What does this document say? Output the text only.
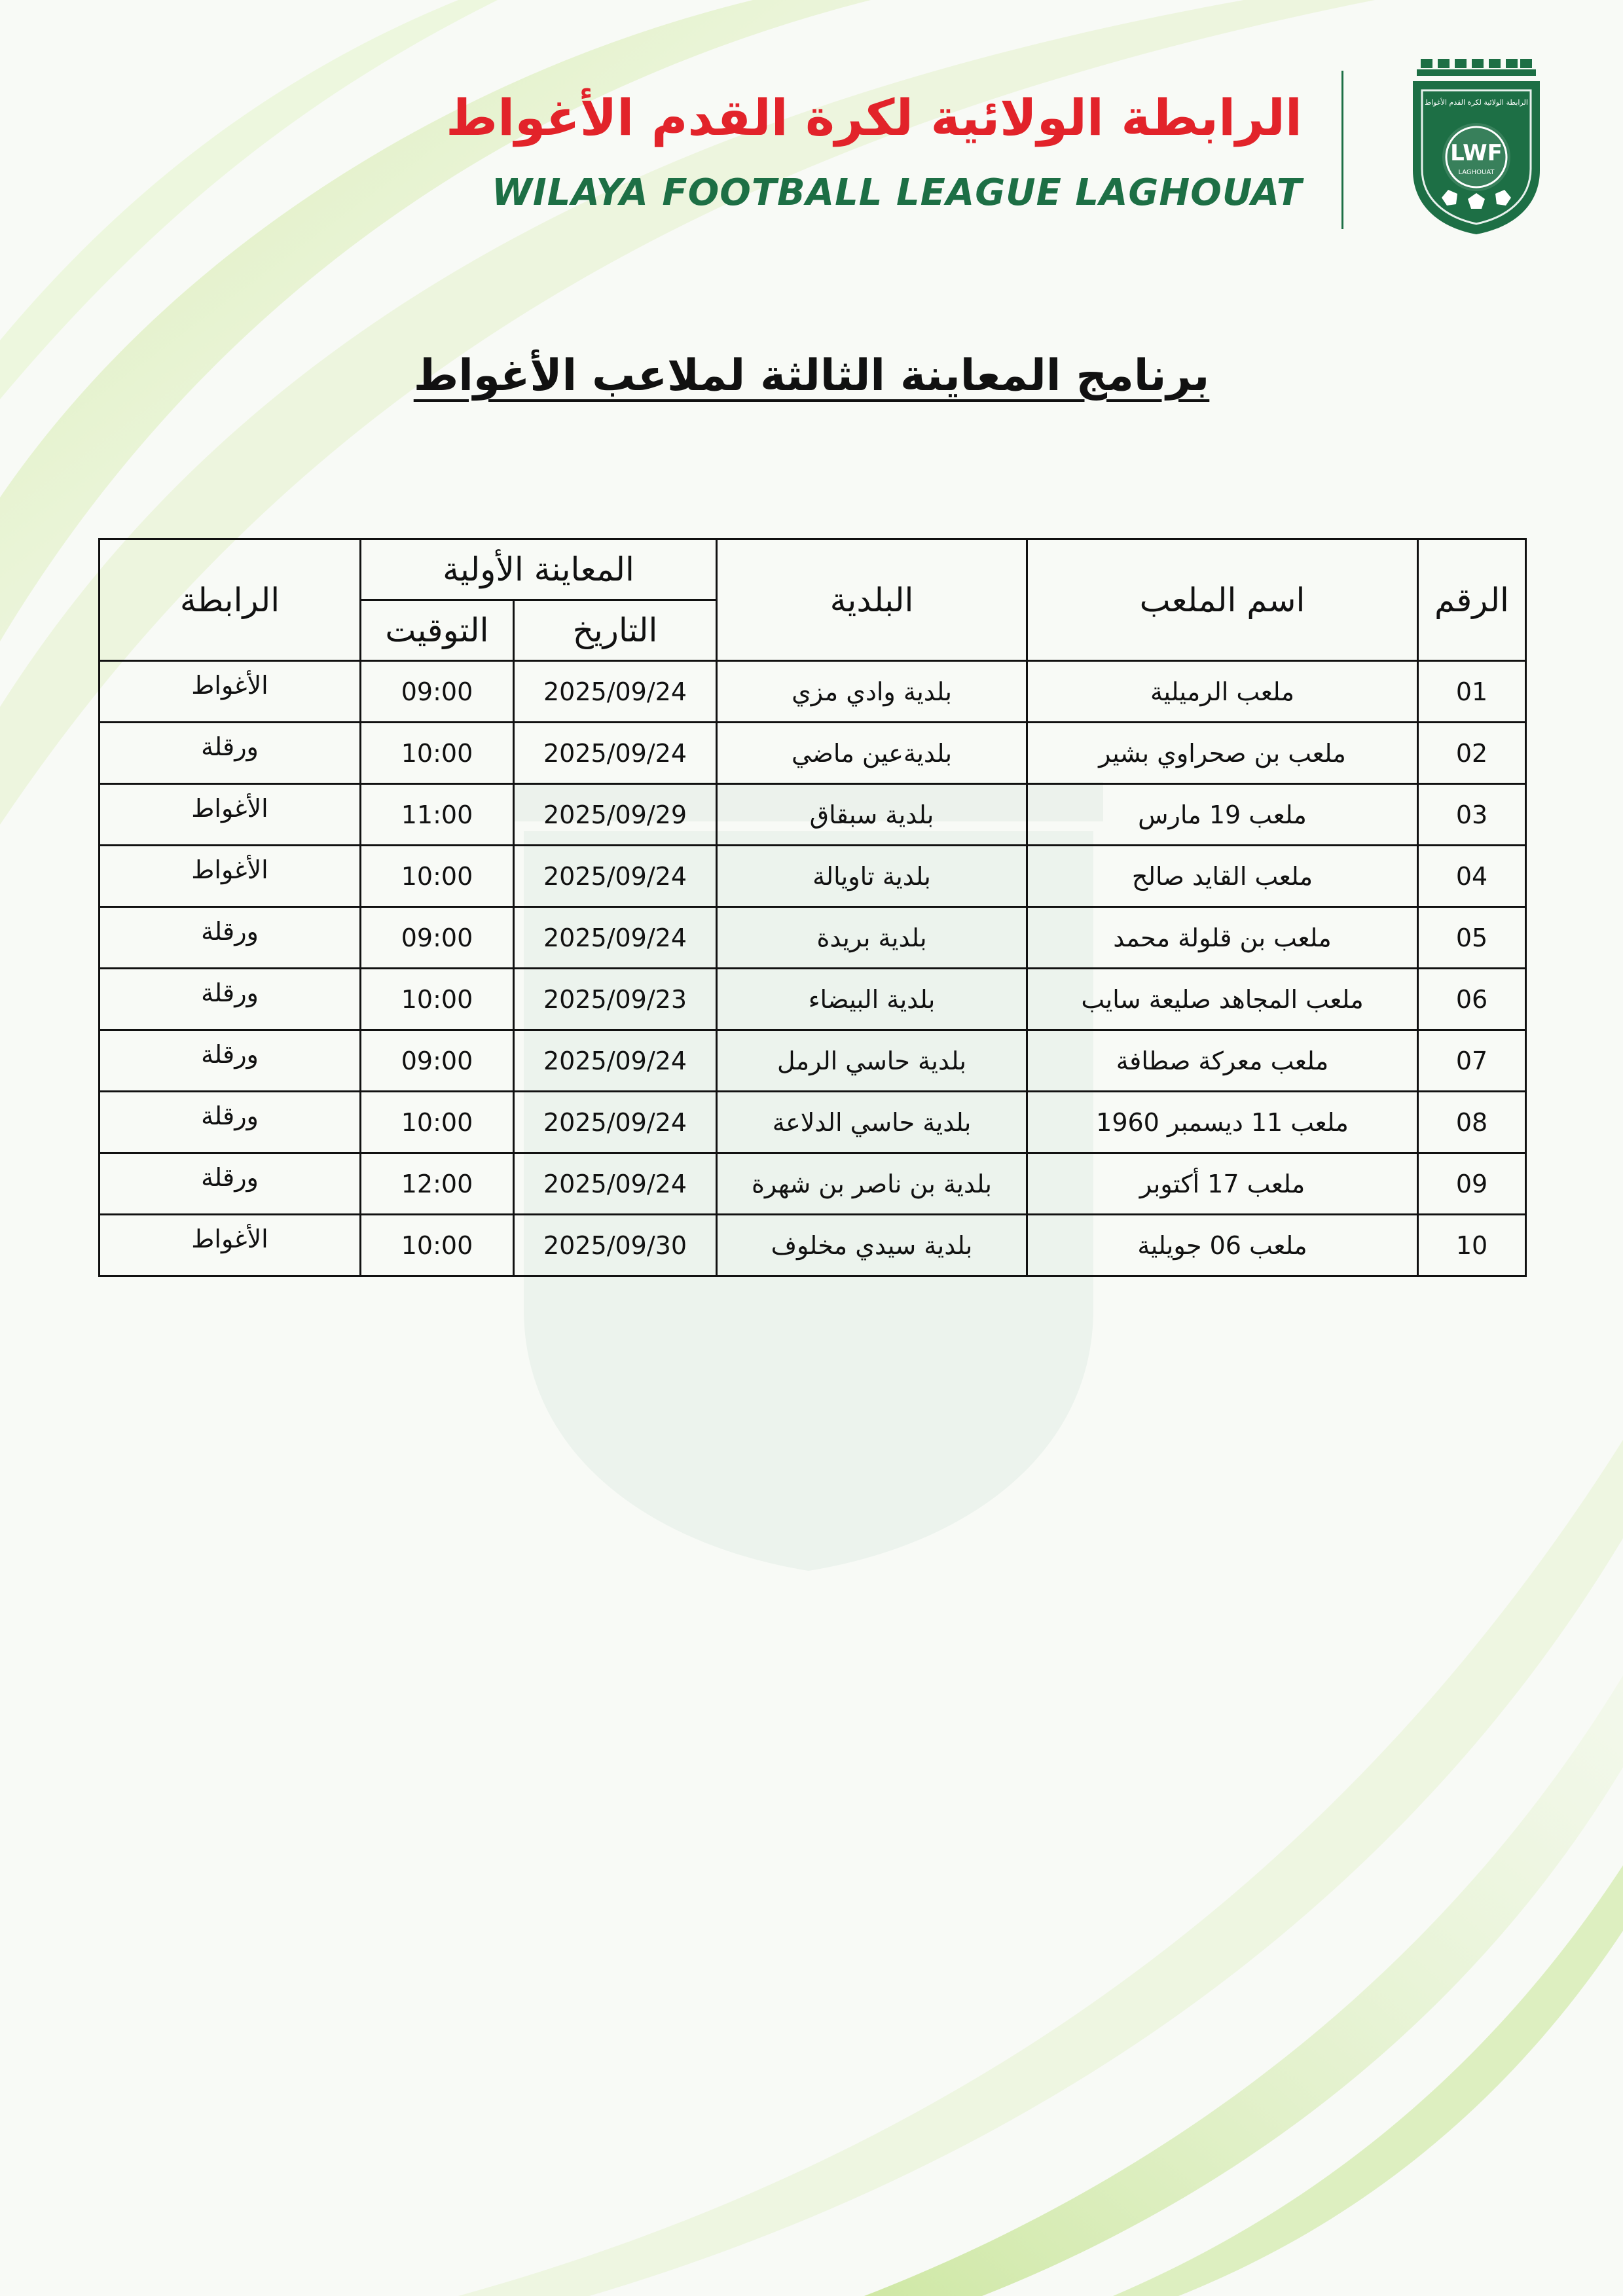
الرابطة الولائية لكرة القدم الأغواط
WILAYA FOOTBALL LEAGUE LAGHOUAT
الرابطة الولائية لكرة القدم الأغواط
LWF
LAGHOUAT
برنامج المعاينة الثالثة لملاعب الأغواط
الرقم	اسم الملعب	البلدية	المعاينة الأولية		الرابطة
			التاريخ	التوقيت	
01	ملعب الرميلية	بلدية وادي مزي	2025/09/24	09:00	الأغواط
02	ملعب بن صحراوي بشير	بلديةعين ماضي	2025/09/24	10:00	ورقلة
03	ملعب 19 مارس	بلدية سبقاق	2025/09/29	11:00	الأغواط
04	ملعب القايد صالح	بلدية تاويالة	2025/09/24	10:00	الأغواط
05	ملعب بن قلولة محمد	بلدية بريدة	2025/09/24	09:00	ورقلة
06	ملعب المجاهد صليعة سايب	بلدية البيضاء	2025/09/23	10:00	ورقلة
07	ملعب معركة صطافة	بلدية حاسي الرمل	2025/09/24	09:00	ورقلة
08	ملعب 11 ديسمبر 1960	بلدية حاسي الدلاعة	2025/09/24	10:00	ورقلة
09	ملعب 17 أكتوبر	بلدية بن ناصر بن شهرة	2025/09/24	12:00	ورقلة
10	ملعب 06 جويلية	بلدية سيدي مخلوف	2025/09/30	10:00	الأغواط
